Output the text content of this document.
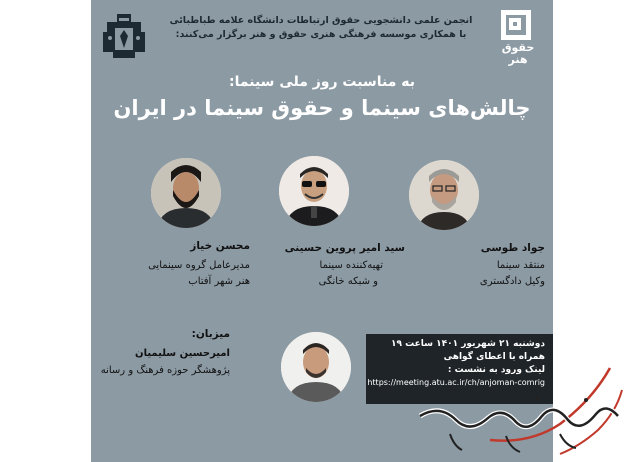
حقوق
هنر
انجمن علمی دانشجویی حقوق ارتباطات دانشگاه علامه طباطبائی
با همکاری موسسه فرهنگی هنری حقوق و هنر برگزار می‌کنند:
به مناسبت روز ملی سینما:
چالش‌های سینما و حقوق سینما در ایران
جواد طوسی
منتقد سینما
وکیل دادگستری
سید امیر پروین حسینی
تهیه‌کننده سینما
و شبکه خانگی
محسن خیاز
مدیرعامل گروه سینمایی
هنر شهر آفتاب
میزبان:
امیرحسین سلیمیان
پژوهشگر حوزه فرهنگ و رسانه
دوشنبه ۲۱ شهریور ۱۴۰۱ ساعت ۱۹
همراه با اعطای گواهی
لینک ورود به نشست :
https://meeting.atu.ac.ir/ch/anjoman-comrig
